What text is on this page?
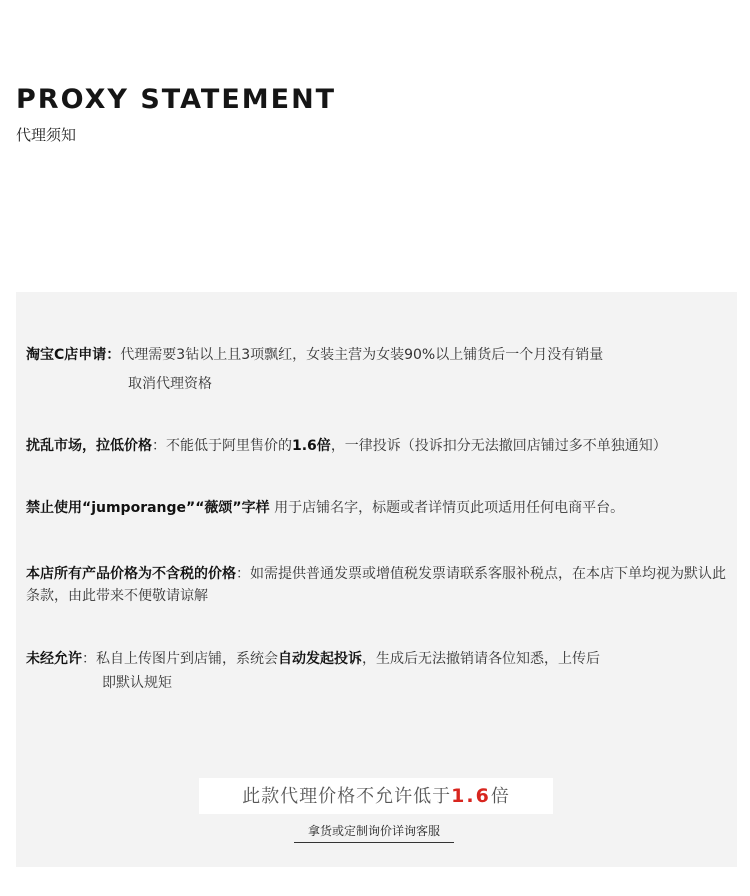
PROXY STATEMENT
代理须知
淘宝C店申请：代理需要3钻以上且3项飘红，女装主营为女装90%以上铺货后一个月没有销量
取消代理资格
扰乱市场，拉低价格：不能低于阿里售价的1.6倍，一律投诉（投诉扣分无法撤回店铺过多不单独通知）
禁止使用“jumporange”“薇颂”字样 用于店铺名字，标题或者详情页此项适用任何电商平台。
本店所有产品价格为不含税的价格：如需提供普通发票或增值税发票请联系客服补税点，在本店下单均视为默认此条款，由此带来不便敬请谅解
未经允许：私自上传图片到店铺，系统会自动发起投诉，生成后无法撤销请各位知悉，上传后
即默认规矩
此款代理价格不允许低于1.6倍
拿货或定制询价详询客服
